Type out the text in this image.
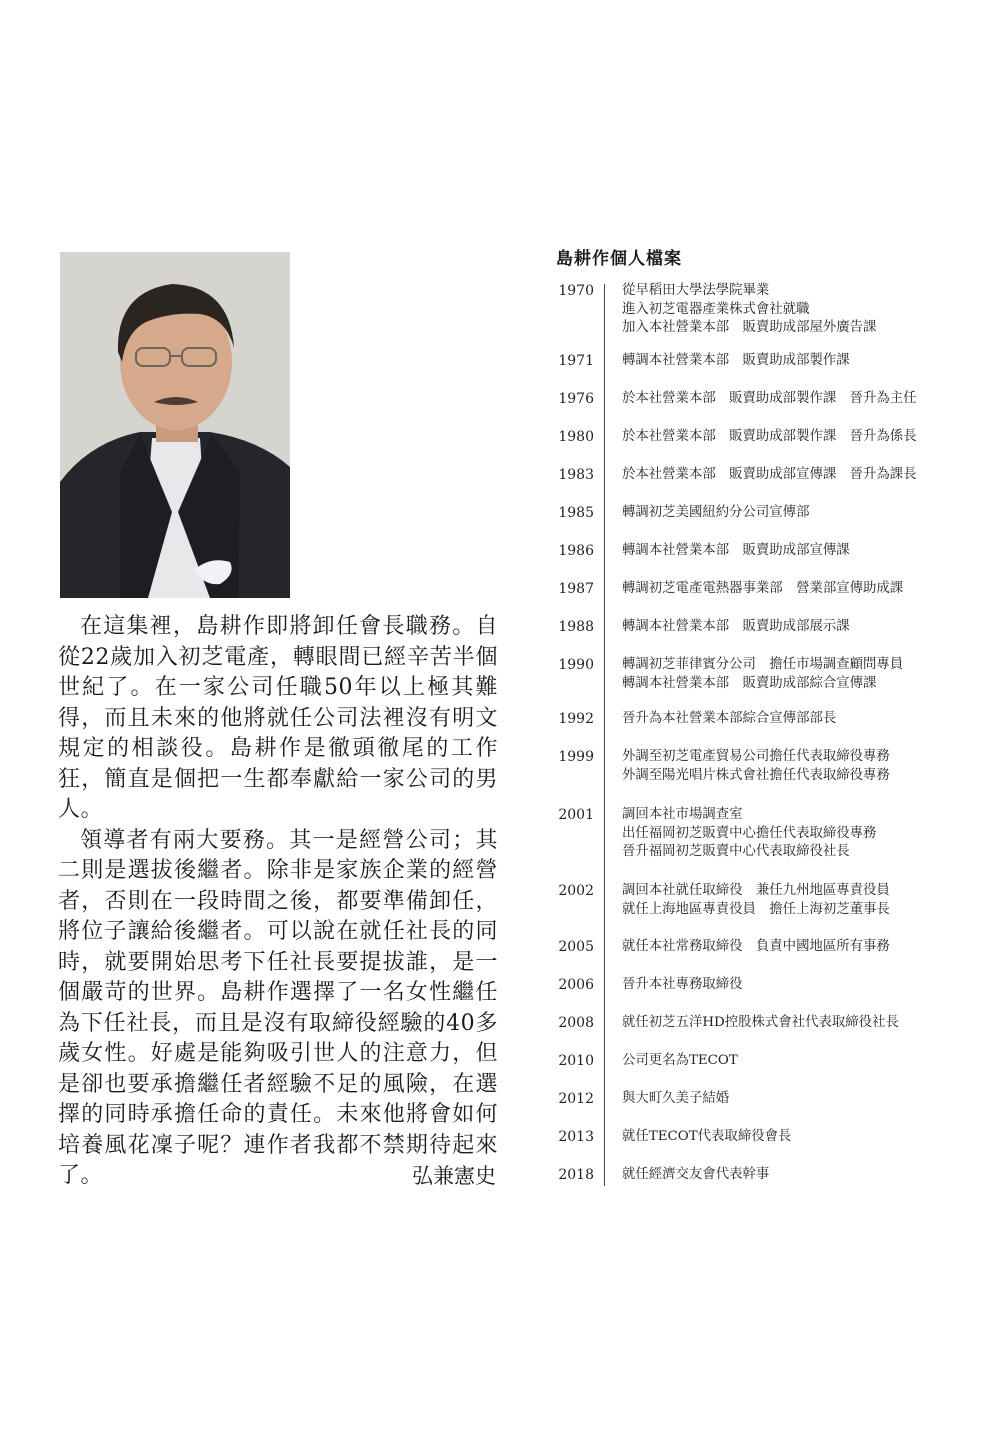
在這集裡，島耕作即將卸任會長職務。自從22歲加入初芝電產，轉眼間已經辛苦半個世紀了。在一家公司任職50年以上極其難得，而且未來的他將就任公司法裡沒有明文規定的相談役。島耕作是徹頭徹尾的工作狂，簡直是個把一生都奉獻給一家公司的男人。

領導者有兩大要務。其一是經營公司；其二則是選拔後繼者。除非是家族企業的經營者，否則在一段時間之後，都要準備卸任，將位子讓給後繼者。可以說在就任社長的同時，就要開始思考下任社長要提拔誰，是一個嚴苛的世界。島耕作選擇了一名女性繼任為下任社長，而且是沒有取締役經驗的40多歲女性。好處是能夠吸引世人的注意力，但是卻也要承擔繼任者經驗不足的風險，在選擇的同時承擔任命的責任。未來他將會如何培養風花凜子呢？連作者我都不禁期待起來了。	弘兼憲史
島耕作個人檔案
1970 從早稻田大學法學院畢業
進入初芝電器產業株式會社就職
加入本社營業本部　販賣助成部屋外廣告課
1971 轉調本社營業本部　販賣助成部製作課
1976 於本社營業本部　販賣助成部製作課　晉升為主任
1980 於本社營業本部　販賣助成部製作課　晉升為係長
1983 於本社營業本部　販賣助成部宣傳課　晉升為課長
1985 轉調初芝美國紐約分公司宣傳部
1986 轉調本社營業本部　販賣助成部宣傳課
1987 轉調初芝電產電熱器事業部　營業部宣傳助成課
1988 轉調本社營業本部　販賣助成部展示課
1990 轉調初芝菲律賓分公司　擔任市場調查顧問專員
轉調本社營業本部　販賣助成部綜合宣傳課
1992 晉升為本社營業本部綜合宣傳部部長
1999 外調至初芝電產貿易公司擔任代表取締役專務
外調至陽光唱片株式會社擔任代表取締役專務
2001 調回本社市場調查室
出任福岡初芝販賣中心擔任代表取締役專務
晉升福岡初芝販賣中心代表取締役社長
2002 調回本社就任取締役　兼任九州地區專責役員
就任上海地區專責役員　擔任上海初芝董事長
2005 就任本社常務取締役　負責中國地區所有事務
2006 晉升本社專務取締役
2008 就任初芝五洋HD控股株式會社代表取締役社長
2010 公司更名為TECOT
2012 與大町久美子結婚
2013 就任TECOT代表取締役會長
2018 就任經濟交友會代表幹事
